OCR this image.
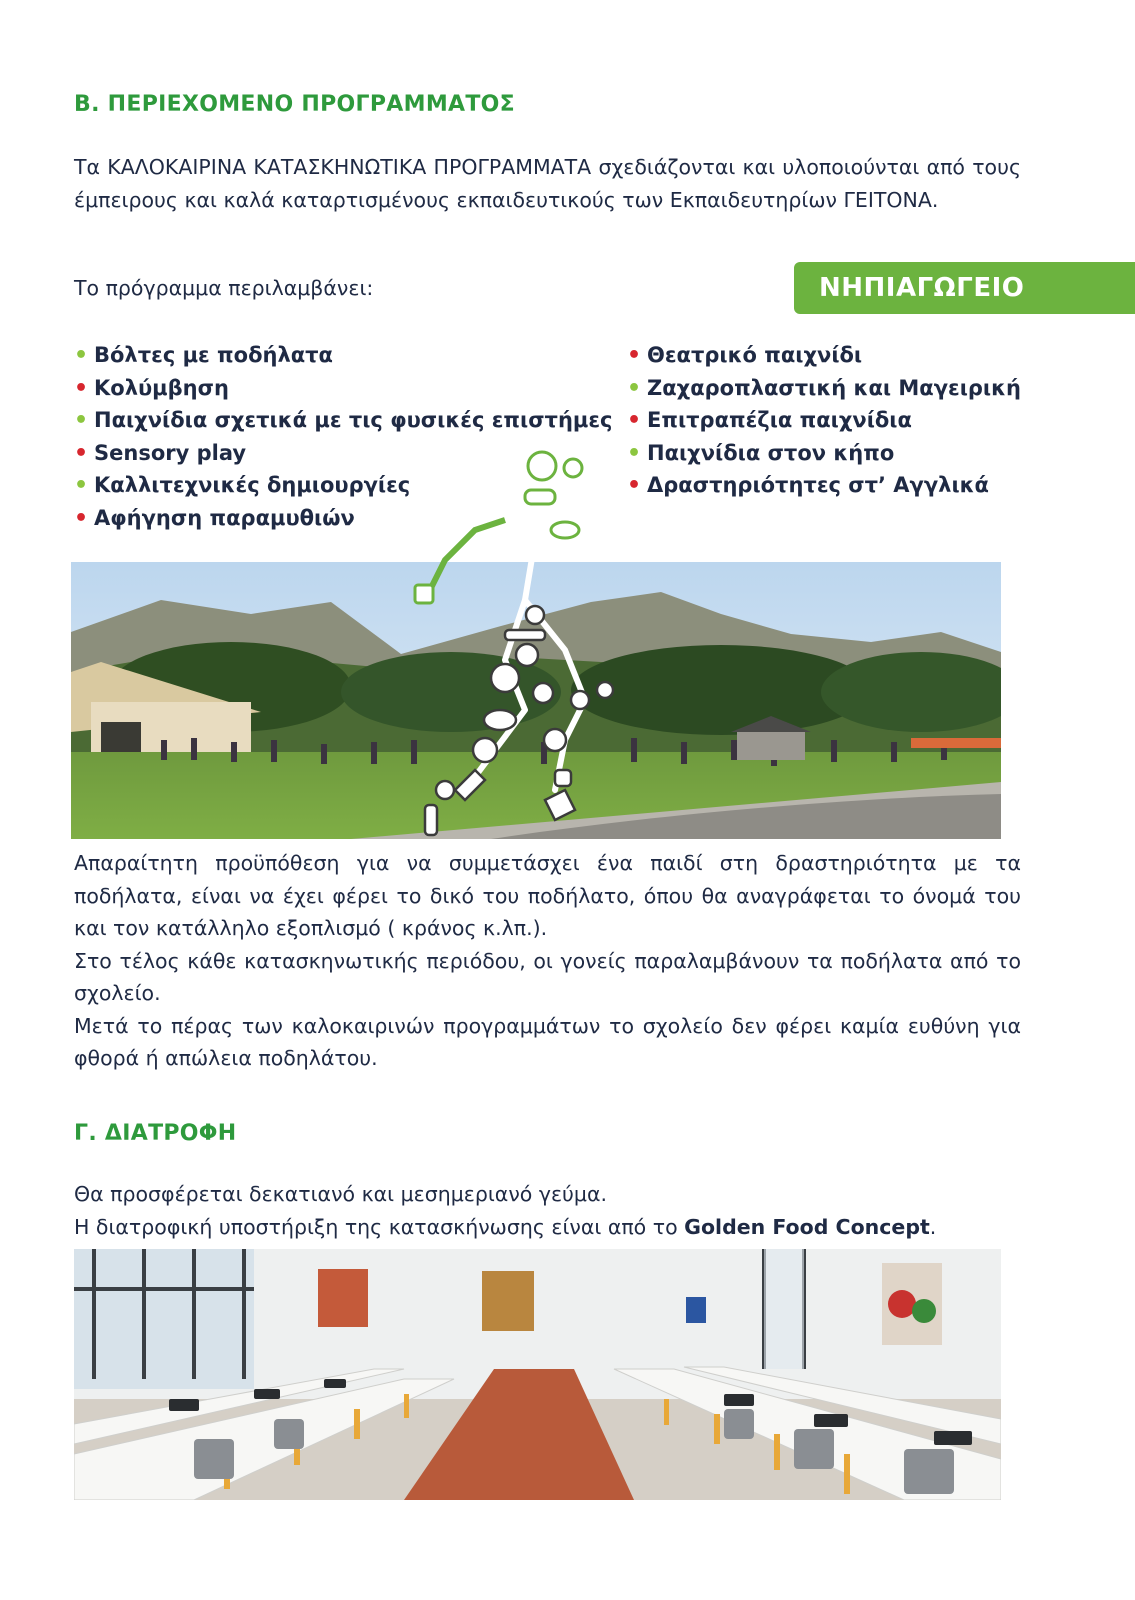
Β. ΠΕΡΙΕΧΟΜΕΝΟ ΠΡΟΓΡΑΜΜΑΤΟΣ

Τα ΚΑΛΟΚΑΙΡΙΝΑ ΚΑΤΑΣΚΗΝΩΤΙΚΑ ΠΡΟΓΡΑΜΜΑΤΑ σχεδιάζονται και υλοποιούνται από τους έμπειρους και καλά καταρτισμένους εκπαιδευτικούς των Εκπαιδευτηρίων ΓΕΙΤΟΝΑ.

Το πρόγραμμα περιλαμβάνει:	ΝΗΠΙΑΓΩΓΕΙΟ
• Βόλτες με ποδήλατα
• Κολύμβηση
• Παιχνίδια σχετικά με τις φυσικές επιστήμες
• Sensory play
• Καλλιτεχνικές δημιουργίες
• Αφήγηση παραμυθιών
• Θεατρικό παιχνίδι
• Ζαχαροπλαστική και Μαγειρική
• Επιτραπέζια παιχνίδια
• Παιχνίδια στον κήπο
• Δραστηριότητες στ’ Αγγλικά

Απαραίτητη προϋπόθεση για να συμμετάσχει ένα παιδί στη δραστηριότητα με τα ποδήλατα, είναι να έχει φέρει το δικό του ποδήλατο, όπου θα αναγράφεται το όνομά του και τον κατάλληλο εξοπλισμό ( κράνος κ.λπ.).

Στο τέλος κάθε κατασκηνωτικής περιόδου, οι γονείς παραλαμβάνουν τα ποδήλατα από το σχολείο.

Μετά το πέρας των καλοκαιρινών προγραμμάτων το σχολείο δεν φέρει καμία ευθύνη για φθορά ή απώλεια ποδηλάτου.

Γ. ΔΙΑΤΡΟΦΗ

Θα προσφέρεται δεκατιανό και μεσημεριανό γεύμα.

Η διατροφική υποστήριξη της κατασκήνωσης είναι από το Golden Food Concept.
